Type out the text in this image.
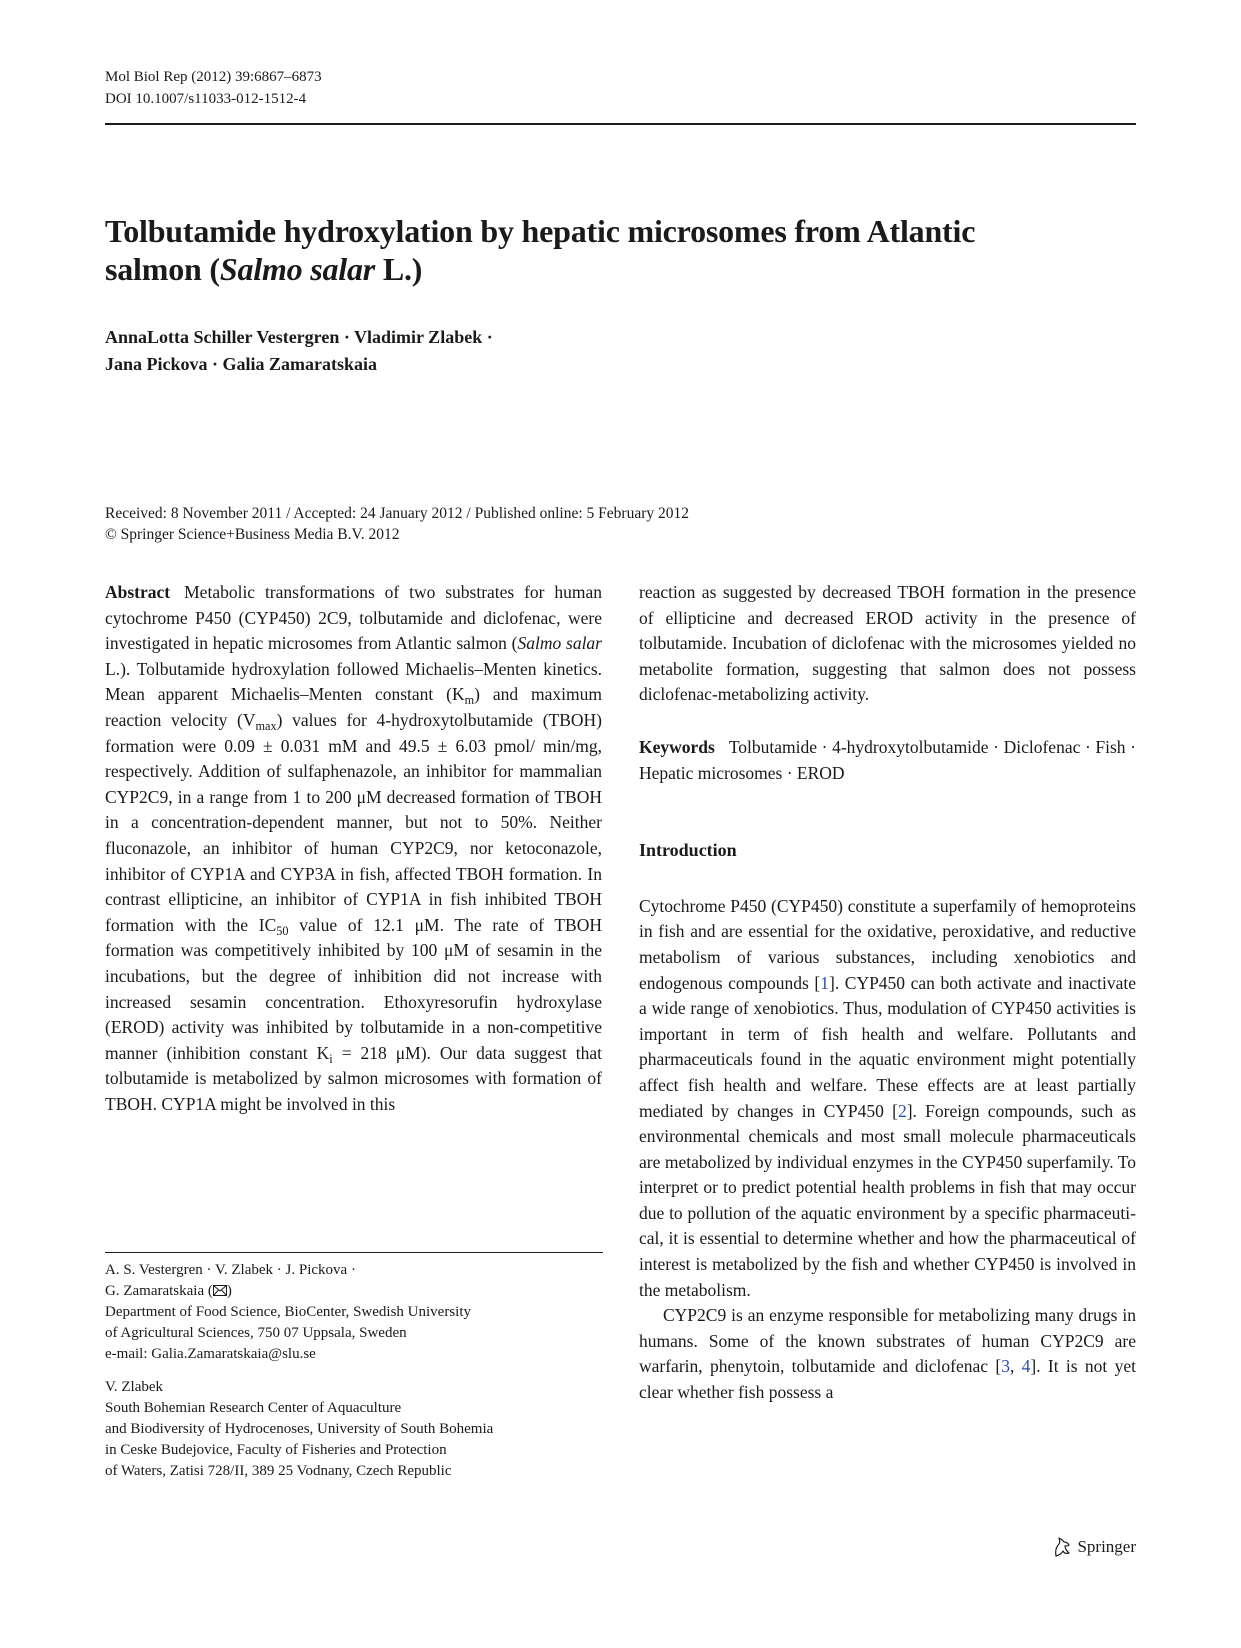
Mol Biol Rep (2012) 39:6867–6873
DOI 10.1007/s11033-012-1512-4
Tolbutamide hydroxylation by hepatic microsomes from Atlantic
salmon (Salmo salar L.)
AnnaLotta Schiller Vestergren · Vladimir Zlabek ·
Jana Pickova · Galia Zamaratskaia
Received: 8 November 2011 / Accepted: 24 January 2012 / Published online: 5 February 2012
© Springer Science+Business Media B.V. 2012

Abstract Metabolic transformations of two substrates for human cytochrome P450 (CYP450) 2C9, tolbutamide and diclofenac, were investigated in hepatic microsomes from Atlantic salmon (Salmo salar L.). Tolbutamide hydroxylation followed Michaelis–Menten kinetics. Mean apparent Michaelis–Menten constant $(K_m)$ and maximum reaction velocity $(V_{max})$ values for 4-hydroxytolbutamide (TBOH) formation were 0.09 ± 0.031 mM and 49.5 ± 6.03 pmol/ min/mg, respectively. Addition of sulfaphenazole, an inhibitor for mammalian CYP2C9, in a range from 1 to 200 μM decreased formation of TBOH in a concentration-dependent manner, but not to 50%. Neither fluconazole, an inhibitor of human CYP2C9, nor ketoconazole, inhibitor of CYP1A and CYP3A in fish, affected TBOH formation. In contrast ellipticine, an inhibitor of CYP1A in fish inhibited TBOH formation with the $IC_{50}$ value of 12.1 μM. The rate of TBOH formation was competitively inhibited by 100 μM of sesamin in the incubations, but the degree of inhibition did not increase with increased sesamin concentration. Ethoxyresorufin hydroxylase (EROD) activity was inhibited by tolbutamide in a non-competitive manner (inhibition constant $K_i = 218$ μM). Our data suggest that tolbutamide is metabolized by salmon microsomes with formation of TBOH. CYP1A might be involved in this

reaction as suggested by decreased TBOH formation in the presence of ellipticine and decreased EROD activity in the presence of tolbutamide. Incubation of diclofenac with the microsomes yielded no metabolite formation, suggesting that salmon does not possess diclofenac-metabolizing activity.

Keywords Tolbutamide · 4-hydroxytolbutamide · Diclofenac · Fish · Hepatic microsomes · EROD

Introduction

Cytochrome P450 (CYP450) constitute a superfamily of hemoproteins in fish and are essential for the oxidative, peroxidative, and reductive metabolism of various substances, including xenobiotics and endogenous compounds [1]. CYP450 can both activate and inactivate a wide range of xenobiotics. Thus, modulation of CYP450 activities is important in term of fish health and welfare. Pollutants and pharmaceuticals found in the aquatic environment might potentially affect fish health and welfare. These effects are at least partially mediated by changes in CYP450 [2]. Foreign compounds, such as environmental chemicals and most small molecule pharmaceuticals are metabolized by individual enzymes in the CYP450 superfamily. To interpret or to predict potential health problems in fish that may occur due to pollution of the aquatic environment by a specific pharmaceutical, it is essential to determine whether and how the pharmaceutical of interest is metabolized by the fish and whether CYP450 is involved in the metabolism.

CYP2C9 is an enzyme responsible for metabolizing many drugs in humans. Some of the known substrates of human CYP2C9 are warfarin, phenytoin, tolbutamide and diclofenac [3, 4]. It is not yet clear whether fish possess a

A. S. Vestergren · V. Zlabek · J. Pickova ·
G. Zamaratskaia ( )
Department of Food Science, BioCenter, Swedish University
of Agricultural Sciences, 750 07 Uppsala, Sweden
e-mail: Galia.Zamaratskaia@slu.se
V. Zlabek
South Bohemian Research Center of Aquaculture
and Biodiversity of Hydrocenoses, University of South Bohemia
in Ceske Budejovice, Faculty of Fisheries and Protection
of Waters, Zatisi 728/II, 389 25 Vodnany, Czech Republic
Springer
